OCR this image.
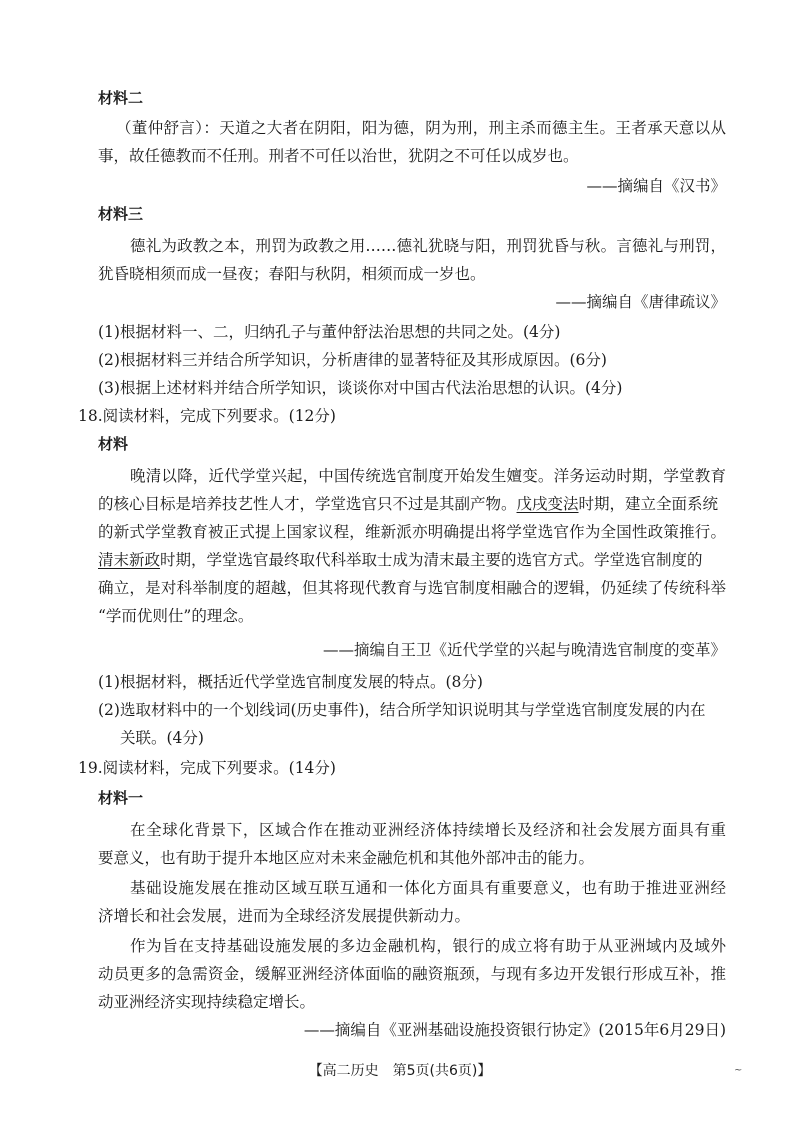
材料二
（董仲舒言）：天道之大者在阴阳，阳为德，阴为刑，刑主杀而德主生。王者承天意以从
事，故任德教而不任刑。刑者不可任以治世，犹阴之不可任以成岁也。
——摘编自《汉书》
材料三
德礼为政教之本，刑罚为政教之用……德礼犹晓与阳，刑罚犹昏与秋。言德礼与刑罚，
犹昏晓相须而成一昼夜；春阳与秋阴，相须而成一岁也。
——摘编自《唐律疏议》
(1)根据材料一、二，归纳孔子与董仲舒法治思想的共同之处。(4分)
(2)根据材料三并结合所学知识，分析唐律的显著特征及其形成原因。(6分)
(3)根据上述材料并结合所学知识，谈谈你对中国古代法治思想的认识。(4分)
18.阅读材料，完成下列要求。(12分)
材料
晚清以降，近代学堂兴起，中国传统选官制度开始发生嬗变。洋务运动时期，学堂教育
的核心目标是培养技艺性人才，学堂选官只不过是其副产物。戊戌变法时期，建立全面系统
的新式学堂教育被正式提上国家议程，维新派亦明确提出将学堂选官作为全国性政策推行。
清末新政时期，学堂选官最终取代科举取士成为清末最主要的选官方式。学堂选官制度的
确立，是对科举制度的超越，但其将现代教育与选官制度相融合的逻辑，仍延续了传统科举
“学而优则仕”的理念。
——摘编自王卫《近代学堂的兴起与晚清选官制度的变革》
(1)根据材料，概括近代学堂选官制度发展的特点。(8分)
(2)选取材料中的一个划线词(历史事件)，结合所学知识说明其与学堂选官制度发展的内在
关联。(4分)
19.阅读材料，完成下列要求。(14分)
材料一
在全球化背景下，区域合作在推动亚洲经济体持续增长及经济和社会发展方面具有重
要意义，也有助于提升本地区应对未来金融危机和其他外部冲击的能力。
基础设施发展在推动区域互联互通和一体化方面具有重要意义，也有助于推进亚洲经
济增长和社会发展，进而为全球经济发展提供新动力。
作为旨在支持基础设施发展的多边金融机构，银行的成立将有助于从亚洲域内及域外
动员更多的急需资金，缓解亚洲经济体面临的融资瓶颈，与现有多边开发银行形成互补，推
动亚洲经济实现持续稳定增长。
——摘编自《亚洲基础设施投资银行协定》(2015年6月29日)
【高二历史　第5页(共6页)】	~
